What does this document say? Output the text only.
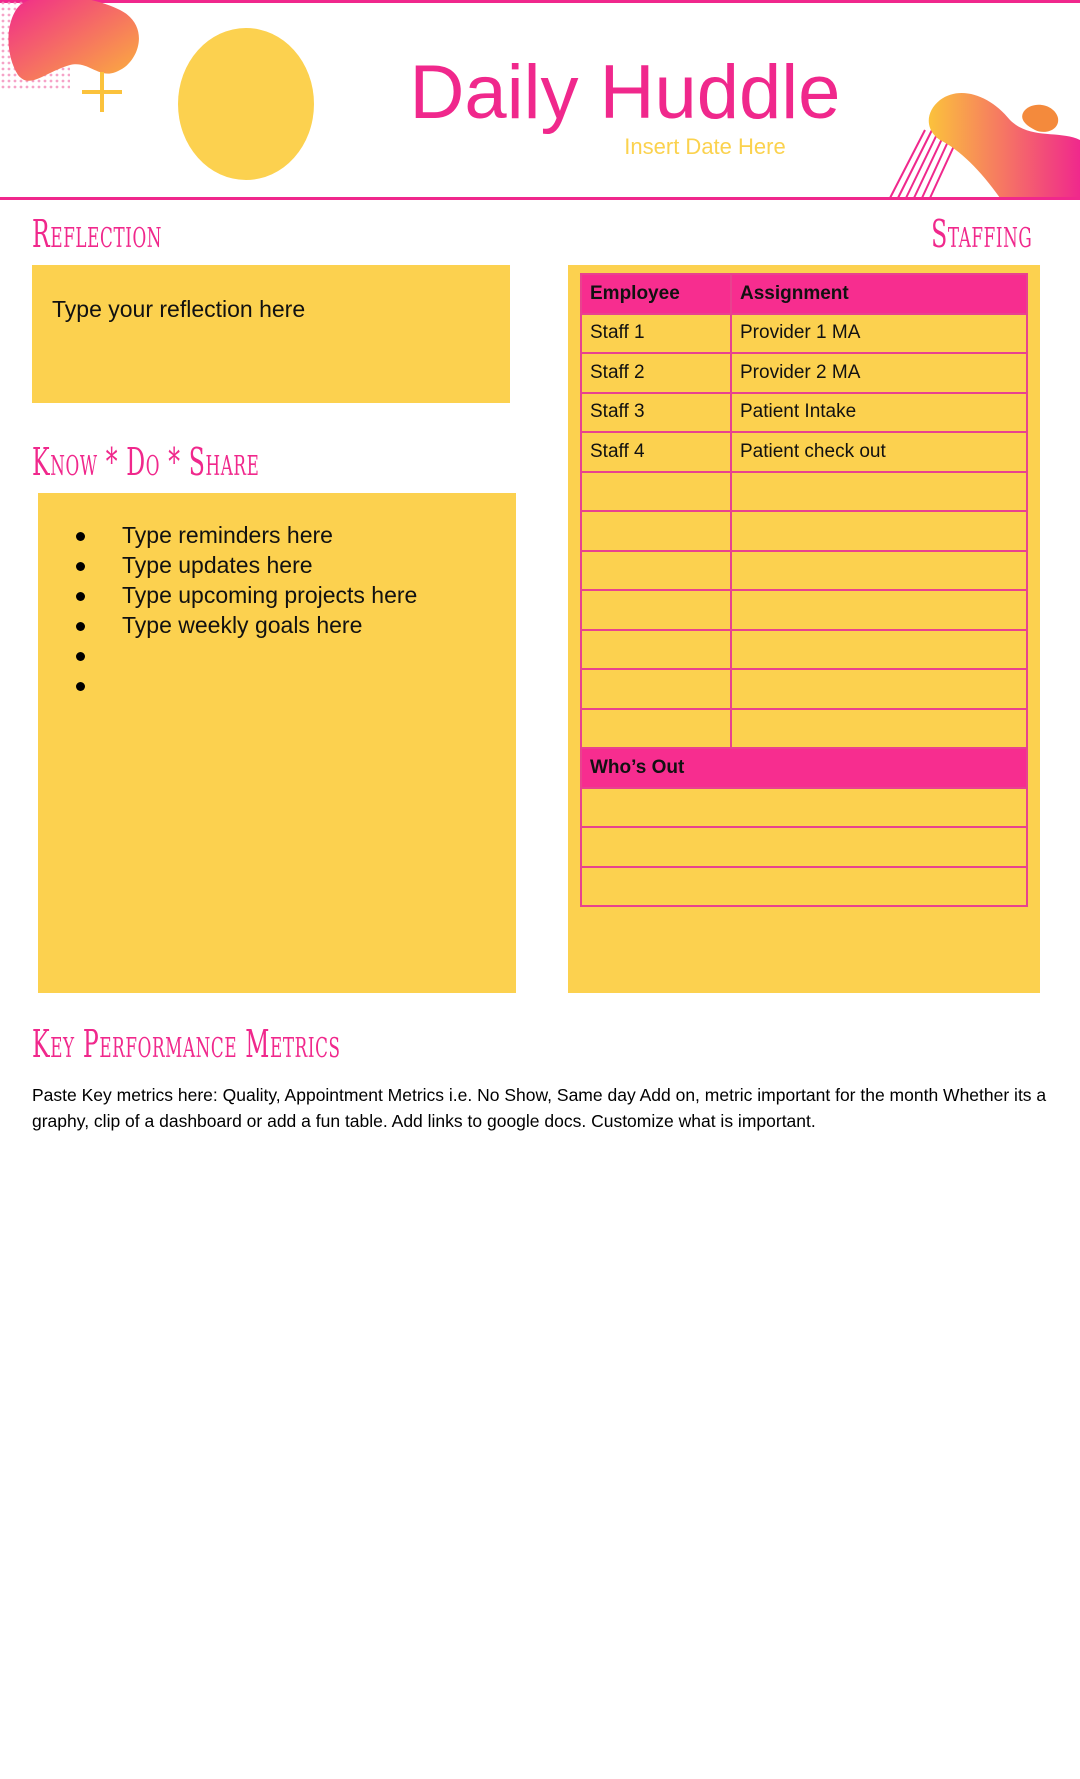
Daily Huddle
Insert Date Here
Reflection	Staffing
Type your reflection here
Know * Do * Share
Type reminders here
Type updates here
Type upcoming projects here
Type weekly goals here
Employee	Assignment
Staff 1	Provider 1 MA
Staff 2	Provider 2 MA
Staff 3	Patient Intake
Staff 4	Patient check out

Who’s Out	

Key Performance Metrics
Paste Key metrics here: Quality, Appointment Metrics i.e. No Show, Same day Add on, metric important for the month Whether its a graphy, clip of a dashboard or add a fun table. Add links to google docs. Customize what is important.
